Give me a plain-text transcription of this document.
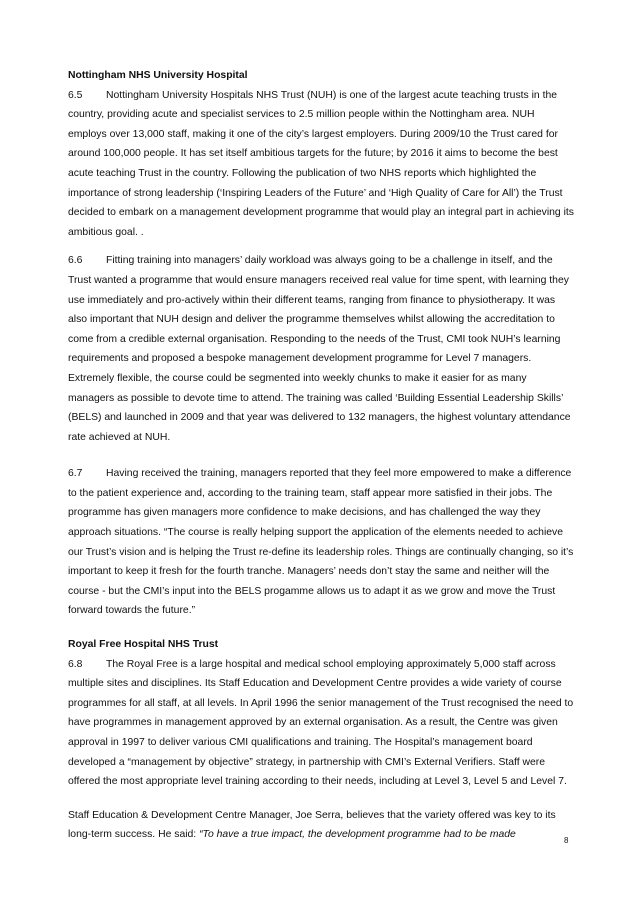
Nottingham NHS University Hospital

6.5 Nottingham University Hospitals NHS Trust (NUH) is one of the largest acute teaching trusts in the country, providing acute and specialist services to 2.5 million people within the Nottingham area. NUH employs over 13,000 staff, making it one of the city’s largest employers. During 2009/10 the Trust cared for around 100,000 people. It has set itself ambitious targets for the future; by 2016 it aims to become the best acute teaching Trust in the country. Following the publication of two NHS reports which highlighted the importance of strong leadership (‘Inspiring Leaders of the Future’ and ‘High Quality of Care for All’) the Trust decided to embark on a management development programme that would play an integral part in achieving its ambitious goal. .

6.6 Fitting training into managers’ daily workload was always going to be a challenge in itself, and the Trust wanted a programme that would ensure managers received real value for time spent, with learning they use immediately and pro-actively within their different teams, ranging from finance to physiotherapy. It was also important that NUH design and deliver the programme themselves whilst allowing the accreditation to come from a credible external organisation. Responding to the needs of the Trust, CMI took NUH’s learning requirements and proposed a bespoke management development programme for Level 7 managers. Extremely flexible, the course could be segmented into weekly chunks to make it easier for as many managers as possible to devote time to attend. The training was called ‘Building Essential Leadership Skills’ (BELS) and launched in 2009 and that year was delivered to 132 managers, the highest voluntary attendance rate achieved at NUH.

6.7 Having received the training, managers reported that they feel more empowered to make a difference to the patient experience and, according to the training team, staff appear more satisfied in their jobs. The programme has given managers more confidence to make decisions, and has challenged the way they approach situations. “The course is really helping support the application of the elements needed to achieve our Trust’s vision and is helping the Trust re-define its leadership roles. Things are continually changing, so it’s important to keep it fresh for the fourth tranche. Managers’ needs don’t stay the same and neither will the course - but the CMI’s input into the BELS progamme allows us to adapt it as we grow and move the Trust forward towards the future.”

Royal Free Hospital NHS Trust

6.8 The Royal Free is a large hospital and medical school employing approximately 5,000 staff across multiple sites and disciplines. Its Staff Education and Development Centre provides a wide variety of course programmes for all staff, at all levels. In April 1996 the senior management of the Trust recognised the need to have programmes in management approved by an external organisation. As a result, the Centre was given approval in 1997 to deliver various CMI qualifications and training. The Hospital’s management board developed a “management by objective” strategy, in partnership with CMI’s External Verifiers. Staff were offered the most appropriate level training according to their needs, including at Level 3, Level 5 and Level 7.

Staff Education & Development Centre Manager, Joe Serra, believes that the variety offered was key to its long-term success. He said: “To have a true impact, the development programme had to be made

8
